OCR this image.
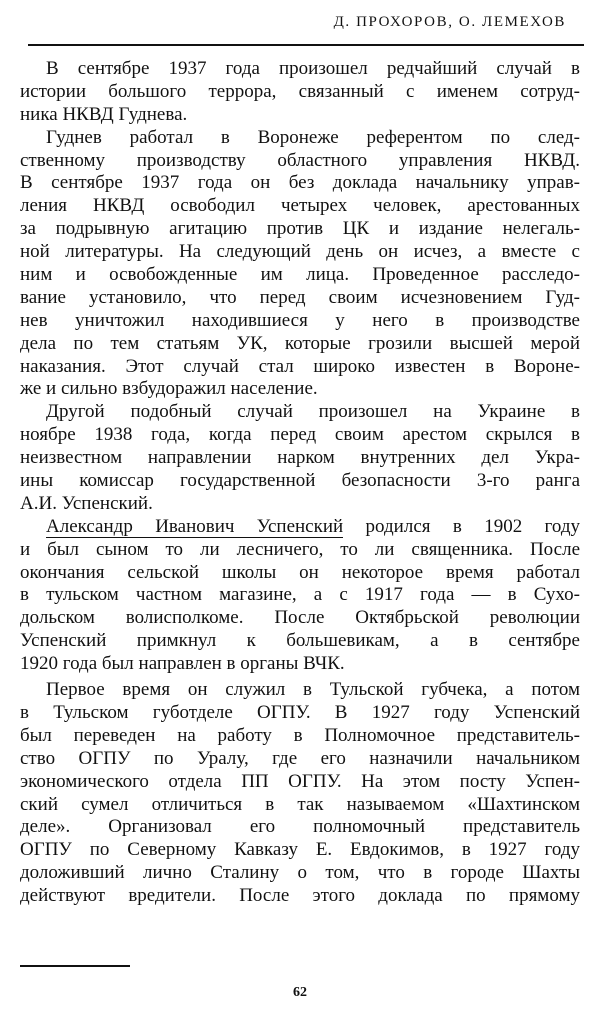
Д. ПРОХОРОВ, О. ЛЕМЕХОВ
В сентябре 1937 года произошел редчайший случай в
истории большого террора, связанный с именем сотруд-
ника НКВД Гуднева.
Гуднев работал в Воронеже референтом по след-
ственному производству областного управления НКВД.
В сентябре 1937 года он без доклада начальнику управ-
ления НКВД освободил четырех человек, арестованных
за подрывную агитацию против ЦК и издание нелегаль-
ной литературы. На следующий день он исчез, а вместе с
ним и освобожденные им лица. Проведенное расследо-
вание установило, что перед своим исчезновением Гуд-
нев уничтожил находившиеся у него в производстве
дела по тем статьям УК, которые грозили высшей мерой
наказания. Этот случай стал широко известен в Вороне-
же и сильно взбудоражил население.
Другой подобный случай произошел на Украине в
ноябре 1938 года, когда перед своим арестом скрылся в
неизвестном направлении нарком внутренних дел Укра-
ины комиссар государственной безопасности 3-го ранга
А.И. Успенский.
Александр Иванович Успенский родился в 1902 году
и был сыном то ли лесничего, то ли священника. После
окончания сельской школы он некоторое время работал
в тульском частном магазине, а с 1917 года — в Сухо-
дольском волисполкоме. После Октябрьской революции
Успенский примкнул к большевикам, а в сентябре
1920 года был направлен в органы ВЧК.
Первое время он служил в Тульской губчека, а потом
в Тульском губотделе ОГПУ. В 1927 году Успенский
был переведен на работу в Полномочное представитель-
ство ОГПУ по Уралу, где его назначили начальником
экономического отдела ПП ОГПУ. На этом посту Успен-
ский сумел отличиться в так называемом «Шахтинском
деле». Организовал его полномочный представитель
ОГПУ по Северному Кавказу Е. Евдокимов, в 1927 году
доложивший лично Сталину о том, что в городе Шахты
действуют вредители. После этого доклада по прямому
62
